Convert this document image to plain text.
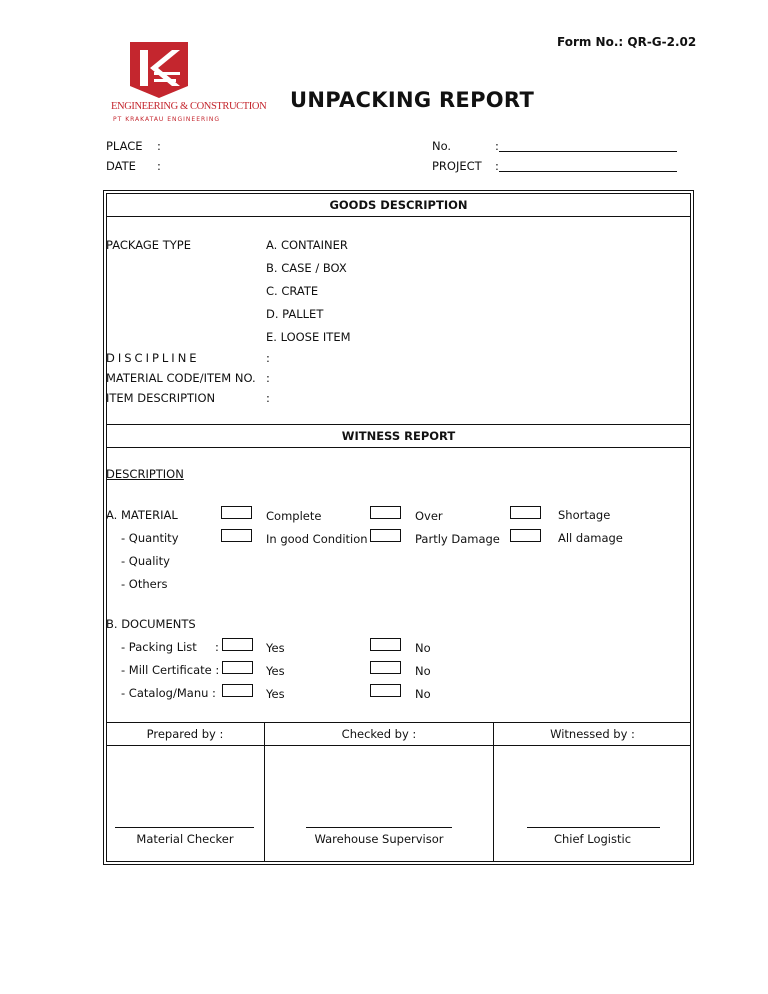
Form No.: QR-G-2.02
ENGINEERING & CONSTRUCTION
PT KRAKATAU ENGINEERING
UNPACKING REPORT
PLACE :
DATE :
No.	:
PROJECT :
GOODS DESCRIPTION
PACKAGE TYPE	A. CONTAINER
B. CASE / BOX
C. CRATE
D. PALLET
E. LOOSE ITEM
DISCIPLINE	:
MATERIAL CODE/ITEM NO. :
ITEM DESCRIPTION	:
WITNESS REPORT
DESCRIPTION
A. MATERIAL	Complete	Over	Shortage
- Quantity	In good Condition	Partly Damage	All damage
- Quality
- Others
B. DOCUMENTS
- Packing List :	Yes	No
- Mill Certificate :	Yes	No
- Catalog/Manu :	Yes	No
Prepared by :	Checked by :	Witnessed by :
Material Checker	Warehouse Supervisor	Chief Logistic
